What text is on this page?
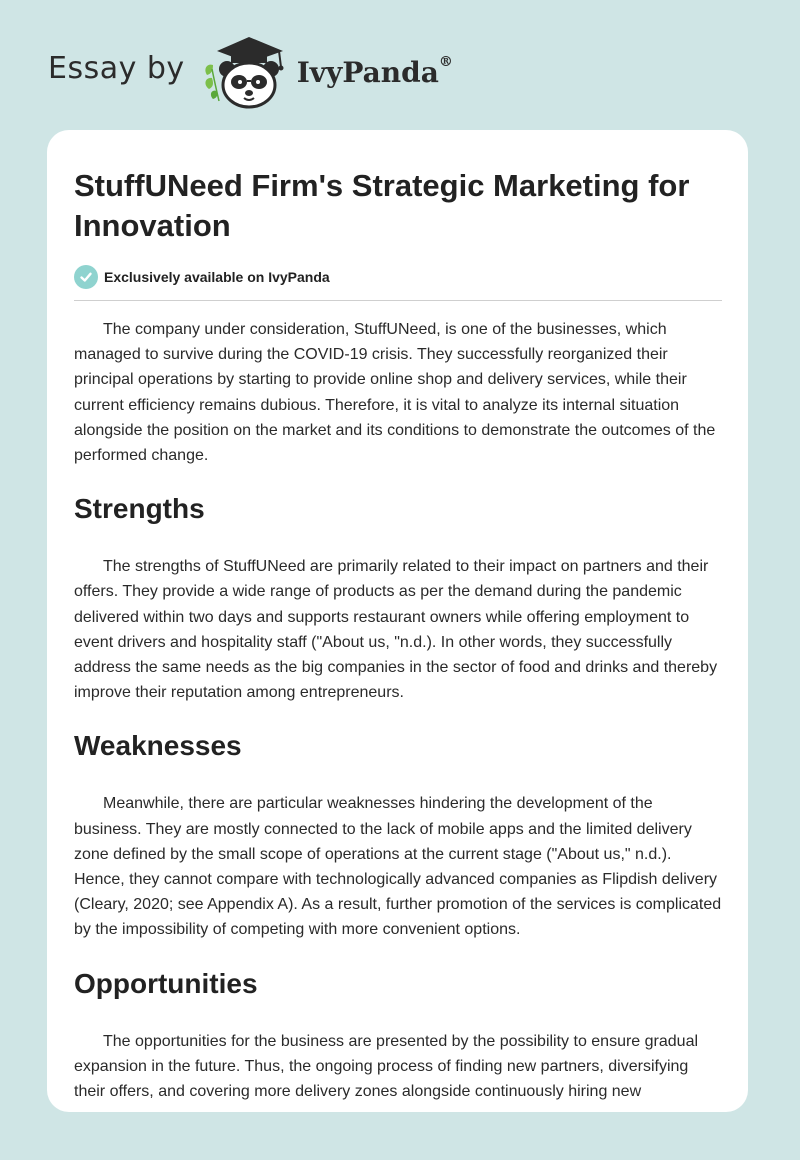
Essay by	IvyPanda®
StuffUNeed Firm's Strategic Marketing for Innovation
Exclusively available on IvyPanda

The company under consideration, StuffUNeed, is one of the businesses, which managed to survive during the COVID-19 crisis. They successfully reorganized their principal operations by starting to provide online shop and delivery services, while their current efficiency remains dubious. Therefore, it is vital to analyze its internal situation alongside the position on the market and its conditions to demonstrate the outcomes of the performed change.

Strengths

The strengths of StuffUNeed are primarily related to their impact on partners and their offers. They provide a wide range of products as per the demand during the pandemic delivered within two days and supports restaurant owners while offering employment to event drivers and hospitality staff ("About us, "n.d.). In other words, they successfully address the same needs as the big companies in the sector of food and drinks and thereby improve their reputation among entrepreneurs.

Weaknesses

Meanwhile, there are particular weaknesses hindering the development of the business. They are mostly connected to the lack of mobile apps and the limited delivery zone defined by the small scope of operations at the current stage ("About us," n.d.). Hence, they cannot compare with technologically advanced companies as Flipdish delivery (Cleary, 2020; see Appendix A). As a result, further promotion of the services is complicated by the impossibility of competing with more convenient options.

Opportunities

The opportunities for the business are presented by the possibility to ensure gradual expansion in the future. Thus, the ongoing process of finding new partners, diversifying their offers, and covering more delivery zones alongside continuously hiring new
